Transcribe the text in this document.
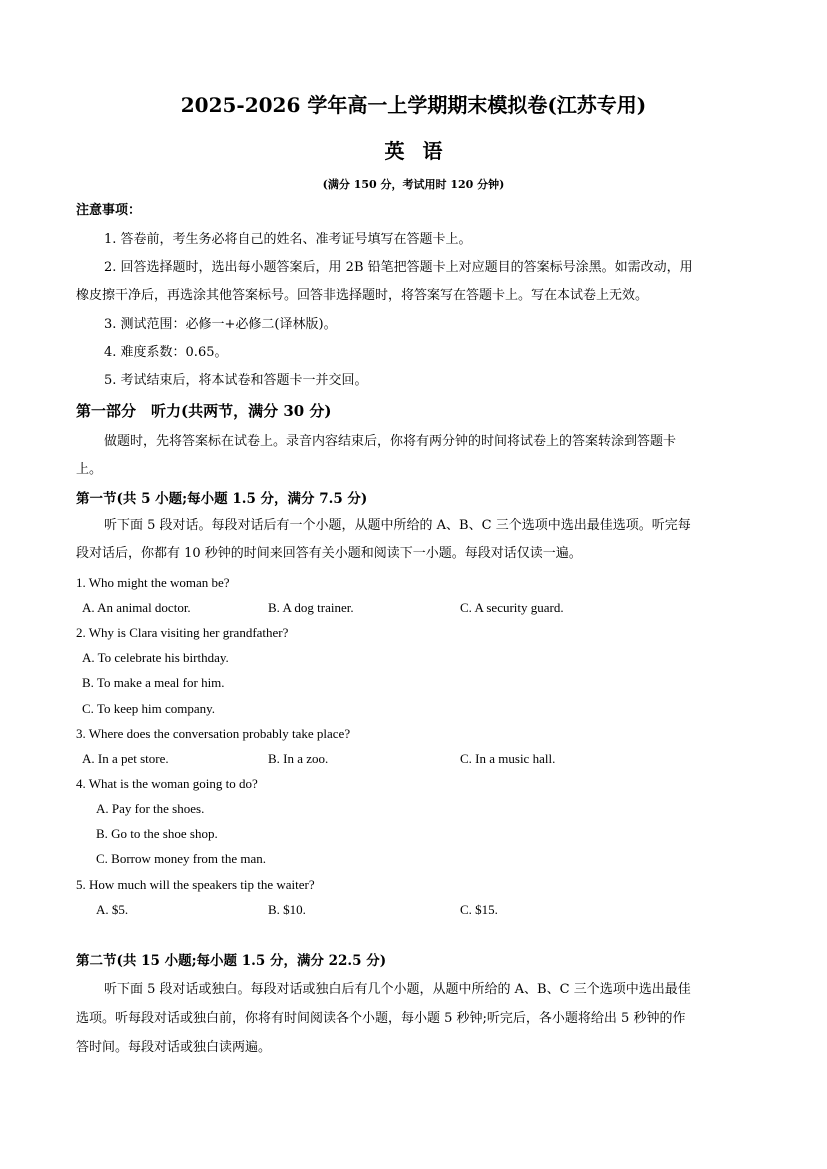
2025-2026 学年高一上学期期末模拟卷(江苏专用)
英语
(满分 150 分，考试用时 120 分钟)
注意事项：
1. 答卷前，考生务必将自己的姓名、准考证号填写在答题卡上。
2. 回答选择题时，选出每小题答案后，用 2B 铅笔把答题卡上对应题目的答案标号涂黑。如需改动，用
橡皮擦干净后，再选涂其他答案标号。回答非选择题时，将答案写在答题卡上。写在本试卷上无效。
3. 测试范围：必修一+必修二(译林版)。
4. 难度系数：0.65。
5. 考试结束后，将本试卷和答题卡一并交回。
第一部分　听力(共两节，满分 30 分)
做题时，先将答案标在试卷上。录音内容结束后，你将有两分钟的时间将试卷上的答案转涂到答题卡
上。
第一节(共 5 小题;每小题 1.5 分，满分 7.5 分)
听下面 5 段对话。每段对话后有一个小题，从题中所给的 A、B、C 三个选项中选出最佳选项。听完每
段对话后，你都有 10 秒钟的时间来回答有关小题和阅读下一小题。每段对话仅读一遍。
1. Who might the woman be?
A. An animal doctor.	B. A dog trainer.	C. A security guard.
2. Why is Clara visiting her grandfather?
A. To celebrate his birthday.
B. To make a meal for him.
C. To keep him company.
3. Where does the conversation probably take place?
A. In a pet store.	B. In a zoo.	C. In a music hall.
4. What is the woman going to do?
A. Pay for the shoes.
B. Go to the shoe shop.
C. Borrow money from the man.
5. How much will the speakers tip the waiter?
A. $5.	B. $10.	C. $15.
第二节(共 15 小题;每小题 1.5 分，满分 22.5 分)
听下面 5 段对话或独白。每段对话或独白后有几个小题，从题中所给的 A、B、C 三个选项中选出最佳
选项。听每段对话或独白前，你将有时间阅读各个小题，每小题 5 秒钟;听完后，各小题将给出 5 秒钟的作
答时间。每段对话或独白读两遍。
